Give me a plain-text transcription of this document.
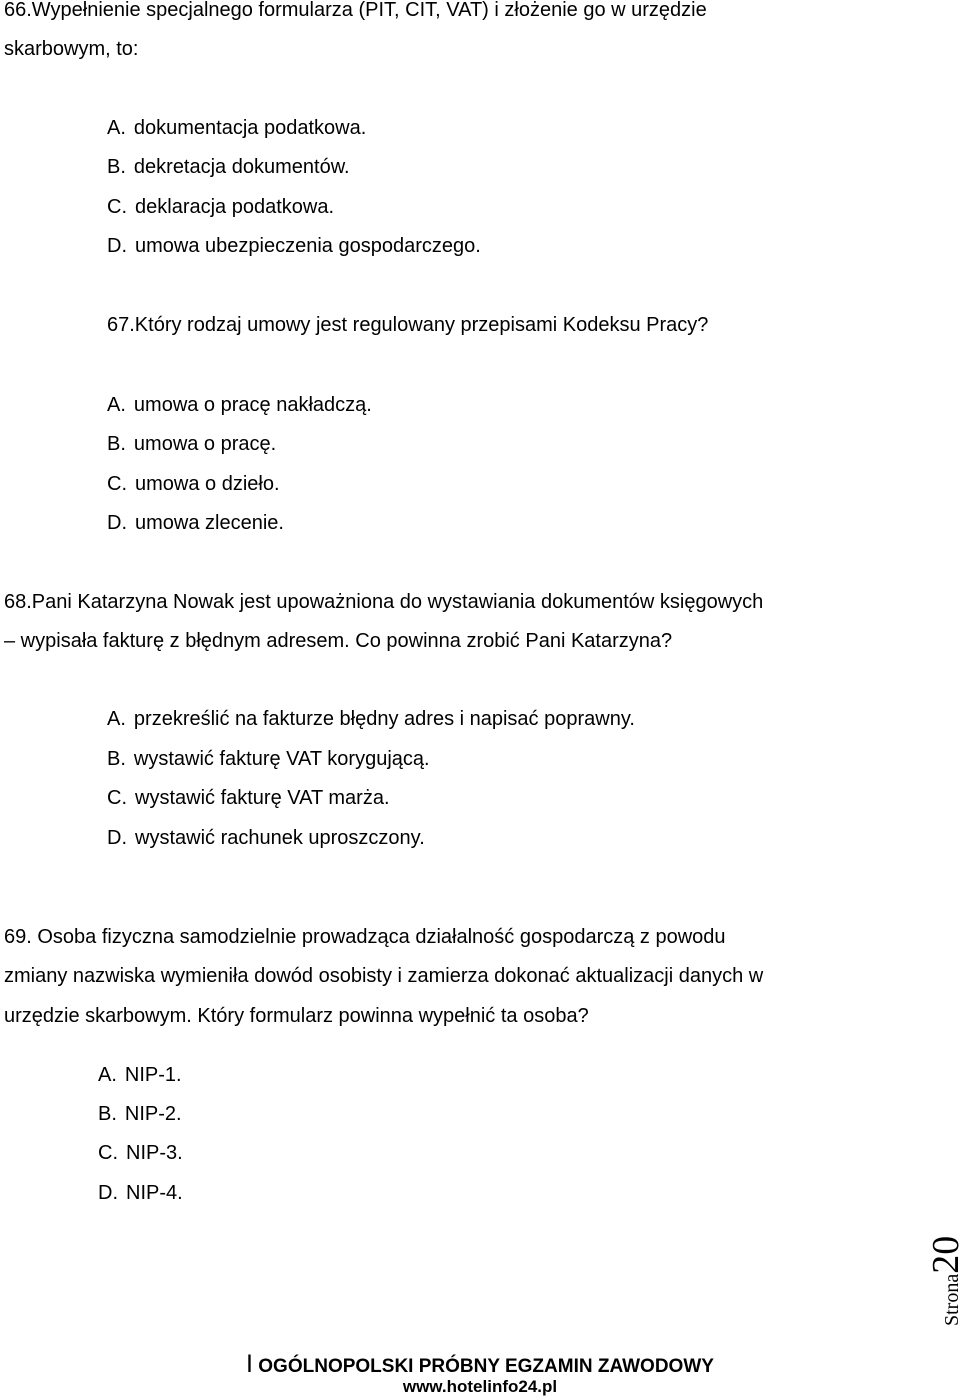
66.Wypełnienie specjalnego formularza (PIT, CIT, VAT) i złożenie go w urzędzie
skarbowym, to:
A. dokumentacja podatkowa.
B. dekretacja dokumentów.
C. deklaracja podatkowa.
D. umowa ubezpieczenia gospodarczego.
67.Który rodzaj umowy jest regulowany przepisami Kodeksu Pracy?
A. umowa o pracę nakładczą.
B. umowa o pracę.
C. umowa o dzieło.
D. umowa zlecenie.
68.Pani Katarzyna Nowak jest upoważniona do wystawiania dokumentów księgowych
– wypisała fakturę z błędnym adresem. Co powinna zrobić Pani Katarzyna?
A. przekreślić na fakturze błędny adres i napisać poprawny.
B. wystawić fakturę VAT korygującą.
C. wystawić fakturę VAT marża.
D. wystawić rachunek uproszczony.
69. Osoba fizyczna samodzielnie prowadząca działalność gospodarczą z powodu
zmiany nazwiska wymieniła dowód osobisty i zamierza dokonać aktualizacji danych w
urzędzie skarbowym. Który formularz powinna wypełnić ta osoba?
A. NIP-1.
B. NIP-2.
C. NIP-3.
D. NIP-4.
Strona20
I OGÓLNOPOLSKI PRÓBNY EGZAMIN ZAWODOWY
www.hotelinfo24.pl
